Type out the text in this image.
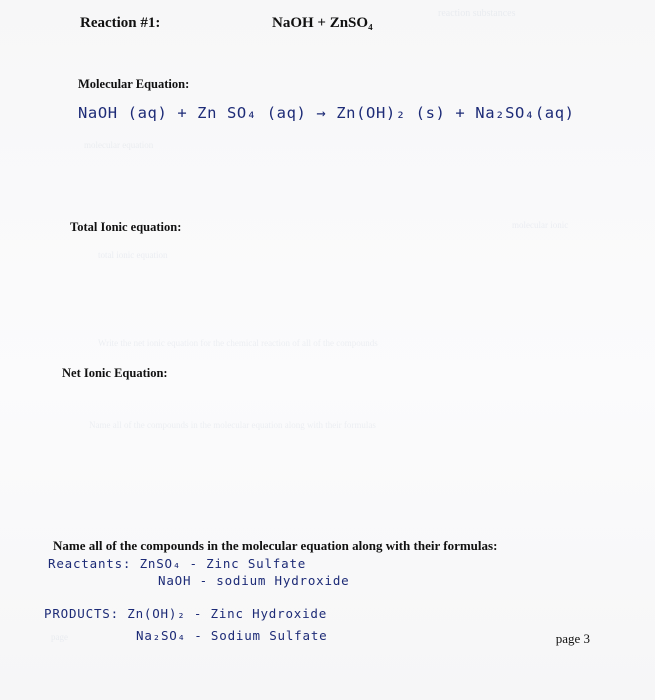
reaction substances
molecular equation
molecular ionic
total ionic equation
Write the net ionic equation for the chemical reaction of all of the compounds
Name all of the compounds in the molecular equation along with their formulas
page
Reaction #1:	NaOH + ZnSO₄
Molecular Equation:
NaOH (aq) + Zn SO₄ (aq) → Zn(OH)₂ (s) + Na₂SO₄(aq)
Total Ionic equation:
Net Ionic Equation:
Name all of the compounds in the molecular equation along with their formulas:
Reactants: ZnSO₄ - Zinc Sulfate
NaOH - sodium Hydroxide
PRODUCTS: Zn(OH)₂ - Zinc Hydroxide
Na₂SO₄ - Sodium Sulfate	page 3
